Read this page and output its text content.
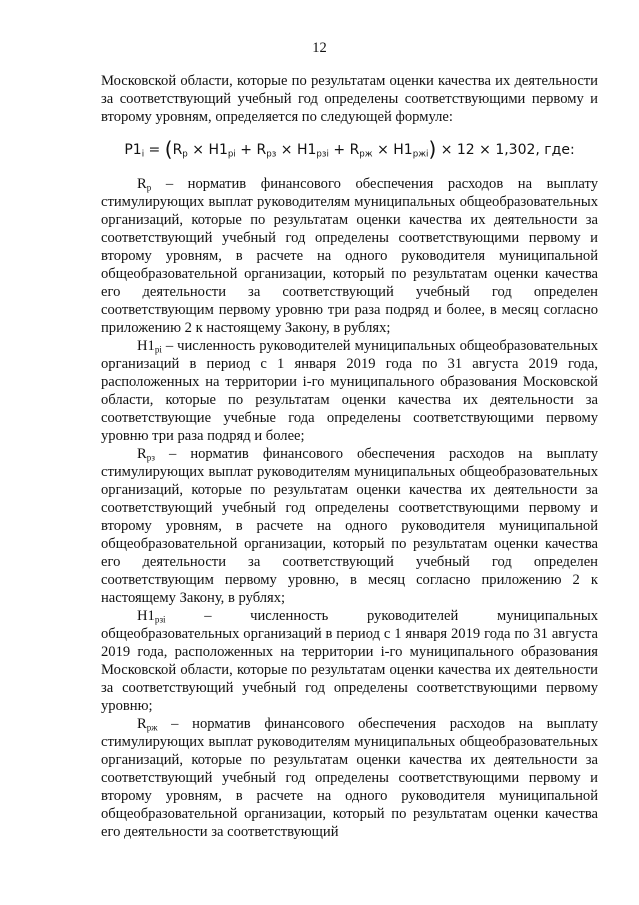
12

Московской области, которые по результатам оценки качества их деятельности за соответствующий учебный год определены соответствующими первому и второму уровням, определяется по следующей формуле:

$Р1_i = (R_р \times Н1_{рi} + R_{рз} \times Н1_{рзi} + R_{рж} \times Н1_{ржi}) \times 12 \times 1,302$, где:

$R_р$ – норматив финансового обеспечения расходов на выплату стимулирующих выплат руководителям муниципальных общеобразовательных организаций, которые по результатам оценки качества их деятельности за соответствующий учебный год определены соответствующими первому и второму уровням, в расчете на одного руководителя муниципальной общеобразовательной организации, который по результатам оценки качества его деятельности за соответствующий учебный год определен соответствующим первому уровню три раза подряд и более, в месяц согласно приложению 2 к настоящему Закону, в рублях;

$Н1_{рi}$ – численность руководителей муниципальных общеобразовательных организаций в период с 1 января 2019 года по 31 августа 2019 года, расположенных на территории i-го муниципального образования Московской области, которые по результатам оценки качества их деятельности за соответствующие учебные года определены соответствующими первому уровню три раза подряд и более;

$R_{рз}$ – норматив финансового обеспечения расходов на выплату стимулирующих выплат руководителям муниципальных общеобразовательных организаций, которые по результатам оценки качества их деятельности за соответствующий учебный год определены соответствующими первому и второму уровням, в расчете на одного руководителя муниципальной общеобразовательной организации, который по результатам оценки качества его деятельности за соответствующий учебный год определен соответствующим первому уровню, в месяц согласно приложению 2 к настоящему Закону, в рублях;

$Н1_{рзi}$ – численность руководителей муниципальных общеобразовательных организаций в период с 1 января 2019 года по 31 августа 2019 года, расположенных на территории i-го муниципального образования Московской области, которые по результатам оценки качества их деятельности за соответствующий учебный год определены соответствующими первому уровню;

$R_{рж}$ – норматив финансового обеспечения расходов на выплату стимулирующих выплат руководителям муниципальных общеобразовательных организаций, которые по результатам оценки качества их деятельности за соответствующий учебный год определены соответствующими первому и второму уровням, в расчете на одного руководителя муниципальной общеобразовательной организации, который по результатам оценки качества его деятельности за соответствующий
